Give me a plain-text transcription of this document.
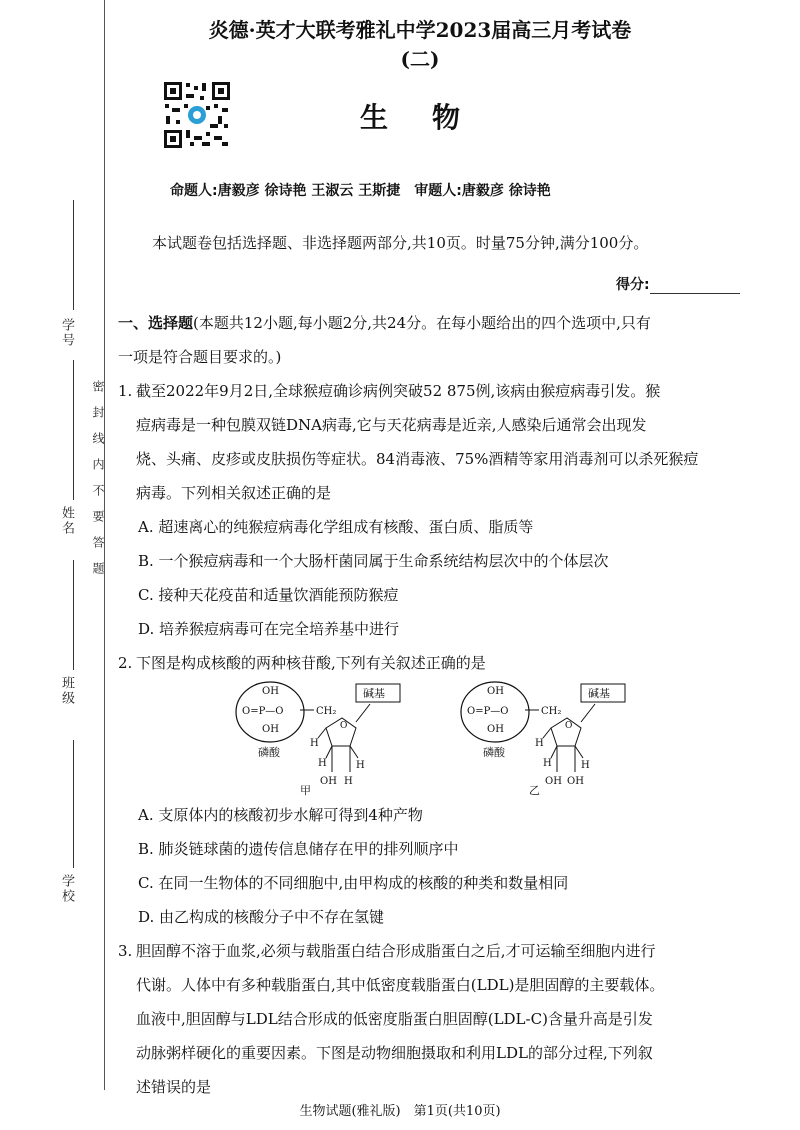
学号
姓名
班级
学校
密封线内不要答题
炎德·英才大联考雅礼中学2023届高三月考试卷(二)
生物
命题人:唐毅彦 徐诗艳 王淑云 王斯捷　审题人:唐毅彦 徐诗艳
本试题卷包括选择题、非选择题两部分,共10页。时量75分钟,满分100分。
得分:

一、选择题(本题共12小题,每小题2分,共24分。在每小题给出的四个选项中,只有

一项是符合题目要求的。)

1. 截至2022年9月2日,全球猴痘确诊病例突破52 875例,该病由猴痘病毒引发。猴

痘病毒是一种包膜双链DNA病毒,它与天花病毒是近亲,人感染后通常会出现发

烧、头痛、皮疹或皮肤损伤等症状。84消毒液、75%酒精等家用消毒剂可以杀死猴痘

病毒。下列相关叙述正确的是

A. 超速离心的纯猴痘病毒化学组成有核酸、蛋白质、脂质等

B. 一个猴痘病毒和一个大肠杆菌同属于生命系统结构层次中的个体层次

C. 接种天花疫苗和适量饮酒能预防猴痘

D. 培养猴痘病毒可在完全培养基中进行

2. 下图是构成核酸的两种核苷酸,下列有关叙述正确的是

OH
O=P—O
OH
磷酸
CH₂
碱基
O
H
H	H
OH H
甲
OH
O=P—O
OH
磷酸
CH₂
碱基
O
H
H	H
OH OH
乙

A. 支原体内的核酸初步水解可得到4种产物

B. 肺炎链球菌的遗传信息储存在甲的排列顺序中

C. 在同一生物体的不同细胞中,由甲构成的核酸的种类和数量相同

D. 由乙构成的核酸分子中不存在氢键

3. 胆固醇不溶于血浆,必须与载脂蛋白结合形成脂蛋白之后,才可运输至细胞内进行

代谢。人体中有多种载脂蛋白,其中低密度载脂蛋白(LDL)是胆固醇的主要载体。

血液中,胆固醇与LDL结合形成的低密度脂蛋白胆固醇(LDL-C)含量升高是引发

动脉粥样硬化的重要因素。下图是动物细胞摄取和利用LDL的部分过程,下列叙

述错误的是

生物试题(雅礼版)　第1页(共10页)
